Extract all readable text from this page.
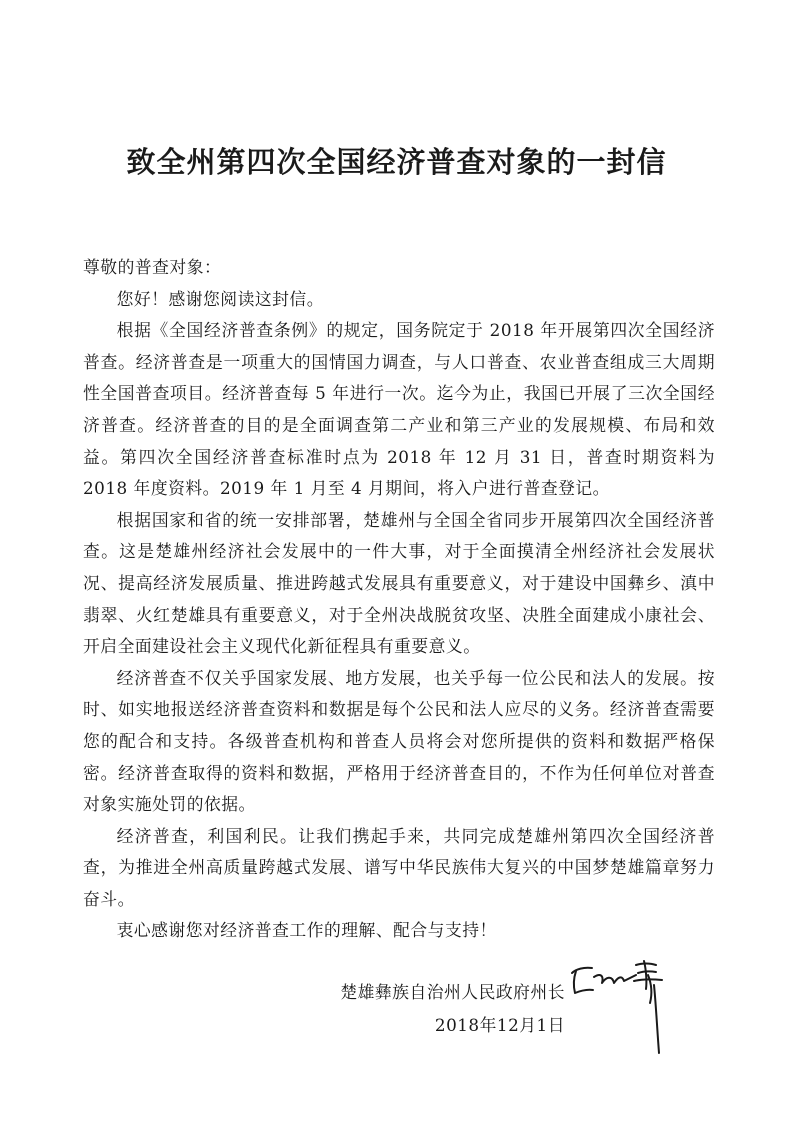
致全州第四次全国经济普查对象的一封信

尊敬的普查对象：

您好！感谢您阅读这封信。

根据《全国经济普查条例》的规定，国务院定于 2018 年开展第四次全国经济普查。经济普查是一项重大的国情国力调查，与人口普查、农业普查组成三大周期性全国普查项目。经济普查每 5 年进行一次。迄今为止，我国已开展了三次全国经济普查。经济普查的目的是全面调查第二产业和第三产业的发展规模、布局和效益。第四次全国经济普查标准时点为 2018 年 12 月 31 日，普查时期资料为 2018 年度资料。2019 年 1 月至 4 月期间，将入户进行普查登记。

根据国家和省的统一安排部署，楚雄州与全国全省同步开展第四次全国经济普查。这是楚雄州经济社会发展中的一件大事，对于全面摸清全州经济社会发展状况、提高经济发展质量、推进跨越式发展具有重要意义，对于建设中国彝乡、滇中翡翠、火红楚雄具有重要意义，对于全州决战脱贫攻坚、决胜全面建成小康社会、开启全面建设社会主义现代化新征程具有重要意义。

经济普查不仅关乎国家发展、地方发展，也关乎每一位公民和法人的发展。按时、如实地报送经济普查资料和数据是每个公民和法人应尽的义务。经济普查需要您的配合和支持。各级普查机构和普查人员将会对您所提供的资料和数据严格保密。经济普查取得的资料和数据，严格用于经济普查目的，不作为任何单位对普查对象实施处罚的依据。

经济普查，利国利民。让我们携起手来，共同完成楚雄州第四次全国经济普查，为推进全州高质量跨越式发展、谱写中华民族伟大复兴的中国梦楚雄篇章努力奋斗。

衷心感谢您对经济普查工作的理解、配合与支持！

楚雄彝族自治州人民政府州长
2018年12月1日
